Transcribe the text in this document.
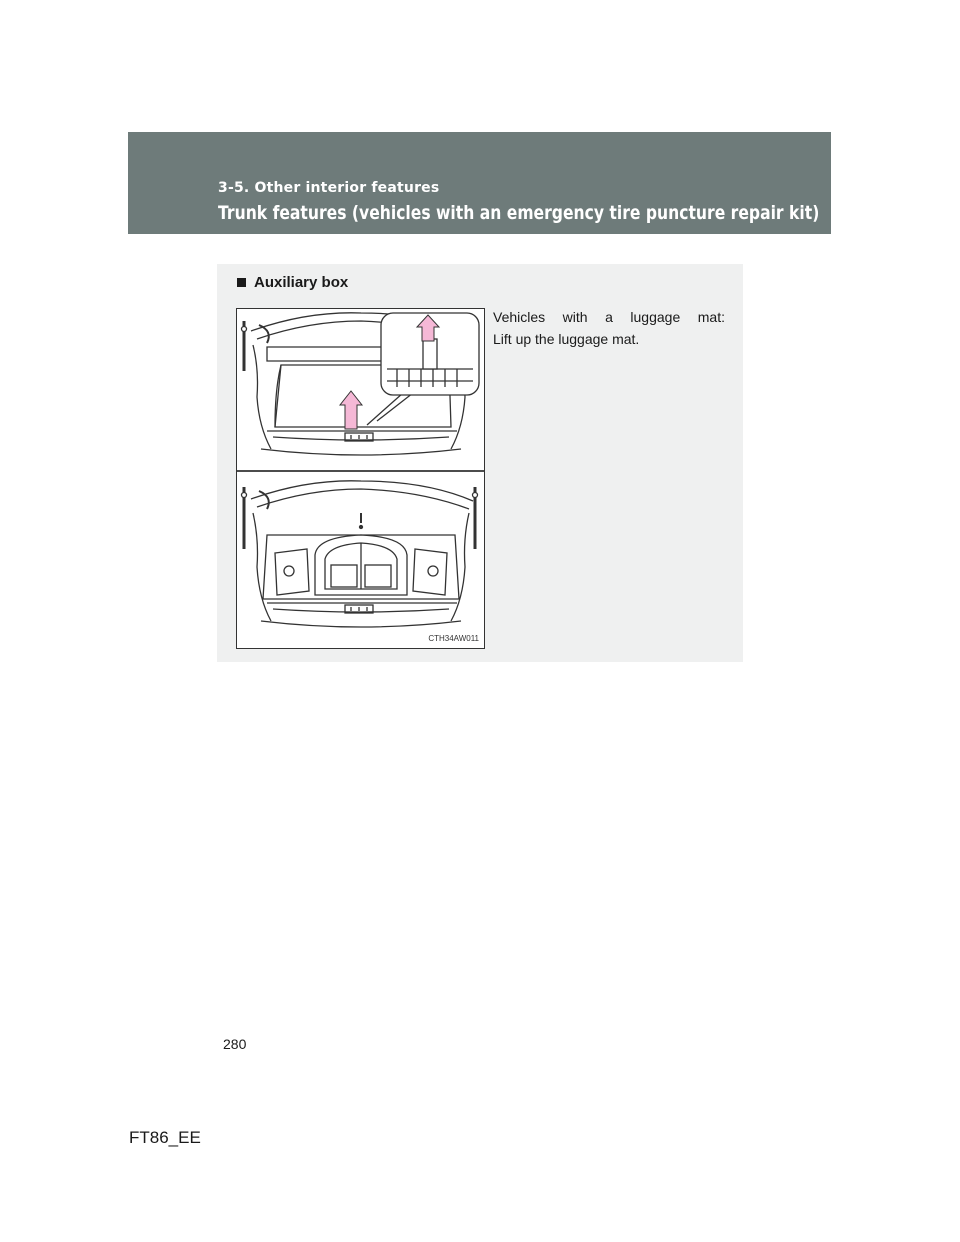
3-5. Other interior features
Trunk features (vehicles with an emergency tire puncture repair kit)
Auxiliary box
CTH34AW011
Vehicles with a luggage mat:
Lift up the luggage mat.
280
FT86_EE
